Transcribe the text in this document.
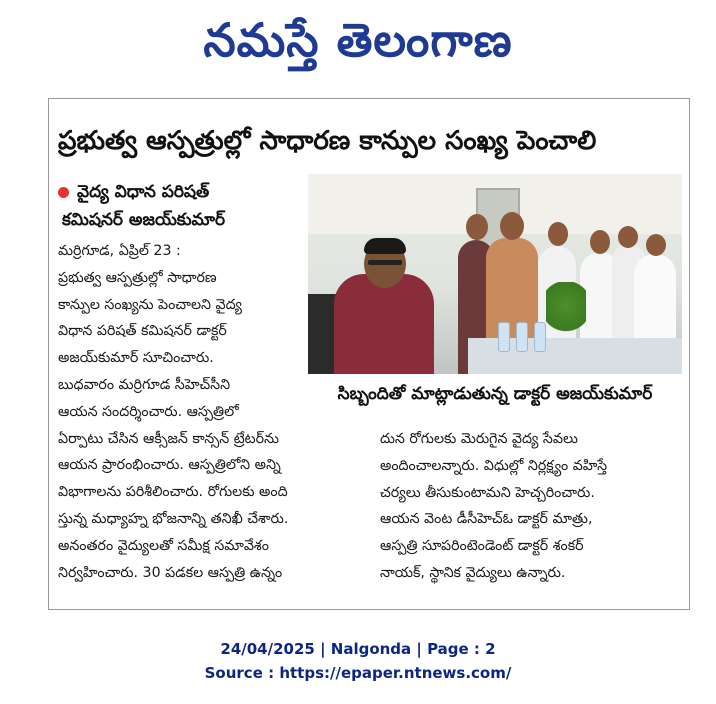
నమస్తే తెలంగాణ
ప్రభుత్వ ఆస్పత్రుల్లో సాధారణ కాన్పుల సంఖ్య పెంచాలి
వైద్య విధాన పరిషత్
కమిషనర్ అజయ్‌కుమార్

మర్రిగూడ, ఏప్రిల్ 23 :

ప్రభుత్వ ఆస్పత్రుల్లో సాధారణ

కాన్పుల సంఖ్యను పెంచాలని వైద్య

విధాన పరిషత్ కమిషనర్ డాక్టర్

అజయ్‌కుమార్ సూచించారు.

బుధవారం మర్రిగూడ సీహెచ్‌సీని

ఆయన సందర్శించారు. ఆస్పత్రిలో

ఏర్పాటు చేసిన ఆక్సీజన్ కాన్సన్ ట్రేటర్‌ను

ఆయన ప్రారంభించారు. ఆస్పత్రిలోని అన్ని

విభాగాలను పరిశీలించారు. రోగులకు అంది

స్తున్న మధ్యాహ్న భోజనాన్ని తనిఖీ చేశారు.

అనంతరం వైద్యులతో సమీక్ష సమావేశం

నిర్వహించారు. 30 పడకల ఆస్పత్రి ఉన్నం

సిబ్బందితో మాట్లాడుతున్న డాక్టర్ అజయ్‌కుమార్

దున రోగులకు మెరుగైన వైద్య సేవలు

అందించాలన్నారు. విధుల్లో నిర్లక్ష్యం వహిస్తే

చర్యలు తీసుకుంటామని హెచ్చరించారు.

ఆయన వెంట డీసీహెచ్‌ఓ డాక్టర్ మాత్రు,

ఆస్పత్రి సూపరింటెండెంట్ డాక్టర్ శంకర్

నాయక్, స్థానిక వైద్యులు ఉన్నారు.

24/04/2025 | Nalgonda | Page : 2
Source : https://epaper.ntnews.com/
